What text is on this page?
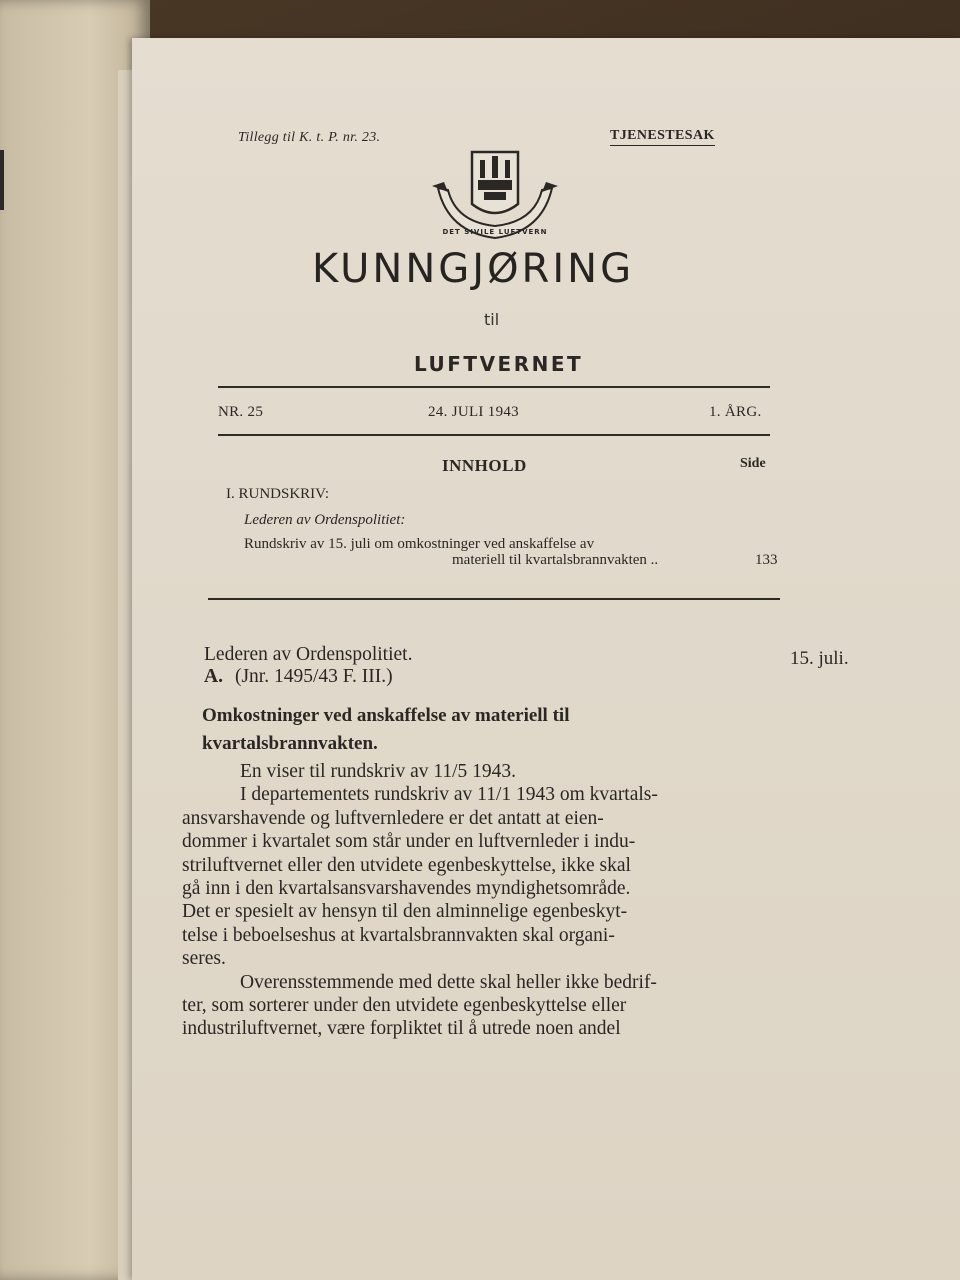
Tillegg til K. t. P. nr. 23.	TJENESTESAK
DET SIVILE LUFTVERN
KUNNGJØRING
til
LUFTVERNET
NR. 25	24. JULI 1943	1. ÅRG.
INNHOLD	Side
I. RUNDSKRIV:
Lederen av Ordenspolitiet:
Rundskriv av 15. juli om omkostninger ved anskaffelse av
materiell til kvartalsbrannvakten ..	133
Lederen av Ordenspolitiet.
A. (Jnr. 1495/43 F. III.)
15. juli.
Omkostninger ved anskaffelse av materiell til
kvartalsbrannvakten.
En viser til rundskriv av 11/5 1943.
I departementets rundskriv av 11/1 1943 om kvartals-
ansvarshavende og luftvernledere er det antatt at eien-
dommer i kvartalet som står under en luftvernleder i indu-
striluftvernet eller den utvidete egenbeskyttelse, ikke skal
gå inn i den kvartalsansvarshavendes myndighetsområde.
Det er spesielt av hensyn til den alminnelige egenbeskyt-
telse i beboelseshus at kvartalsbrannvakten skal organi-
seres.
Overensstemmende med dette skal heller ikke bedrif-
ter, som sorterer under den utvidete egenbeskyttelse eller
industriluftvernet, være forpliktet til å utrede noen andel
